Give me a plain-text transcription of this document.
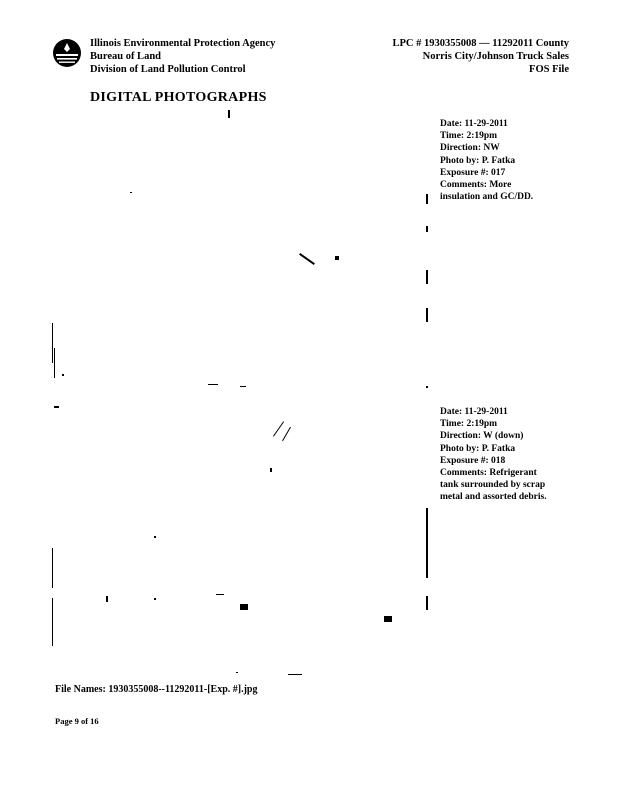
Illinois Environmental Protection Agency
Bureau of Land
Division of Land Pollution Control
LPC # 1930355008 — 11292011 County
Norris City/Johnson Truck Sales
FOS File
DIGITAL PHOTOGRAPHS
Date: 11-29-2011
Time: 2:19pm
Direction: NW
Photo by: P. Fatka
Exposure #: 017
Comments: More
insulation and GC/DD.
Date: 11-29-2011
Time: 2:19pm
Direction: W (down)
Photo by: P. Fatka
Exposure #: 018
Comments: Refrigerant
tank surrounded by scrap
metal and assorted debris.
File Names: 1930355008--11292011-[Exp. #].jpg
Page 9 of 16
